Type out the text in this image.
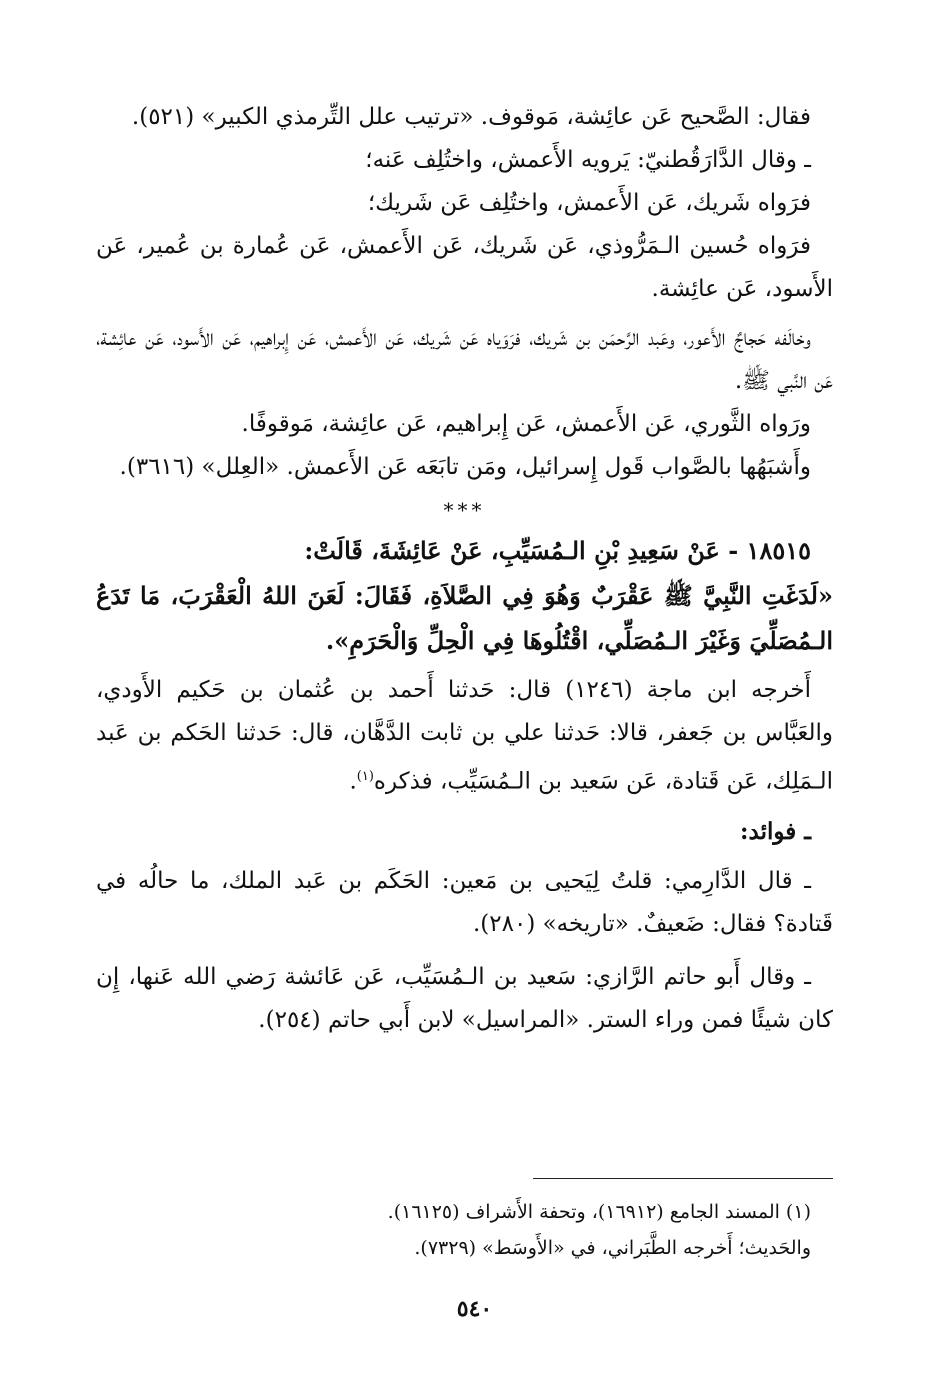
فقال: الصَّحيح عَن عائِشة، مَوقوف. «ترتيب علل التِّرمذي الكبير» (٥٢١).

ـ وقال الدَّارَقُطنيّ: يَرويه الأَعمش، واختُلِف عَنه؛

فرَواه شَريك، عَن الأَعمش، واختُلِف عَن شَريك؛

فرَواه حُسين الـمَرُّوذي، عَن شَريك، عَن الأَعمش، عَن عُمارة بن عُمير، عَن الأَسود، عَن عائِشة.

وخالَفه حَجاجٌ الأَعور، وعَبد الرَّحمَن بن شَريك، فرَوَياه عَن شَريك، عَن الأَعمش، عَن إِبراهيم، عَن الأَسود، عَن عائِشة، عَن النَّبي ﷺ.

ورَواه الثَّوري، عَن الأَعمش، عَن إِبراهيم، عَن عائِشة، مَوقوفًا.

وأَشبَهُها بالصَّواب قَول إِسرائيل، ومَن تابَعَه عَن الأَعمش. «العِلل» (٣٦١٦).

***

١٨٥١٥ - عَنْ سَعِيدِ بْنِ الـمُسَيِّبِ، عَنْ عَائِشَةَ، قَالَتْ:

«لَدَغَتِ النَّبِيَّ ﷺ عَقْرَبٌ وَهُوَ فِي الصَّلاَةِ، فَقَالَ: لَعَنَ اللهُ الْعَقْرَبَ، مَا تَدَعُ الـمُصَلِّيَ وَغَيْرَ الـمُصَلِّي، اقْتُلُوهَا فِي الْحِلِّ وَالْحَرَمِ».

أَخرجه ابن ماجة (١٢٤٦) قال: حَدثنا أَحمد بن عُثمان بن حَكيم الأَودي، والعَبَّاس بن جَعفر، قالا: حَدثنا علي بن ثابت الدَّهَّان، قال: حَدثنا الحَكم بن عَبد الـمَلِك، عَن قَتادة، عَن سَعيد بن الـمُسَيِّب، فذكره$^{(١)}$.

ـ فوائد:

ـ قال الدَّارِمي: قلتُ لِيَحيى بن مَعين: الحَكَم بن عَبد الملك، ما حالُه في قَتادة؟ فقال: ضَعيفٌ. «تاريخه» (٢٨٠).

ـ وقال أَبو حاتم الرَّازي: سَعيد بن الـمُسَيِّب، عَن عَائشة رَضي الله عَنها، إِن كان شيئًا فمن وراء الستر. «المراسيل» لابن أَبي حاتم (٢٥٤).

(١) المسند الجامع (١٦٩١٢)، وتحفة الأَشراف (١٦١٢٥).

والحَديث؛ أَخرجه الطَّبَراني، في «الأَوسَط» (٧٣٢٩).

٥٤٠
